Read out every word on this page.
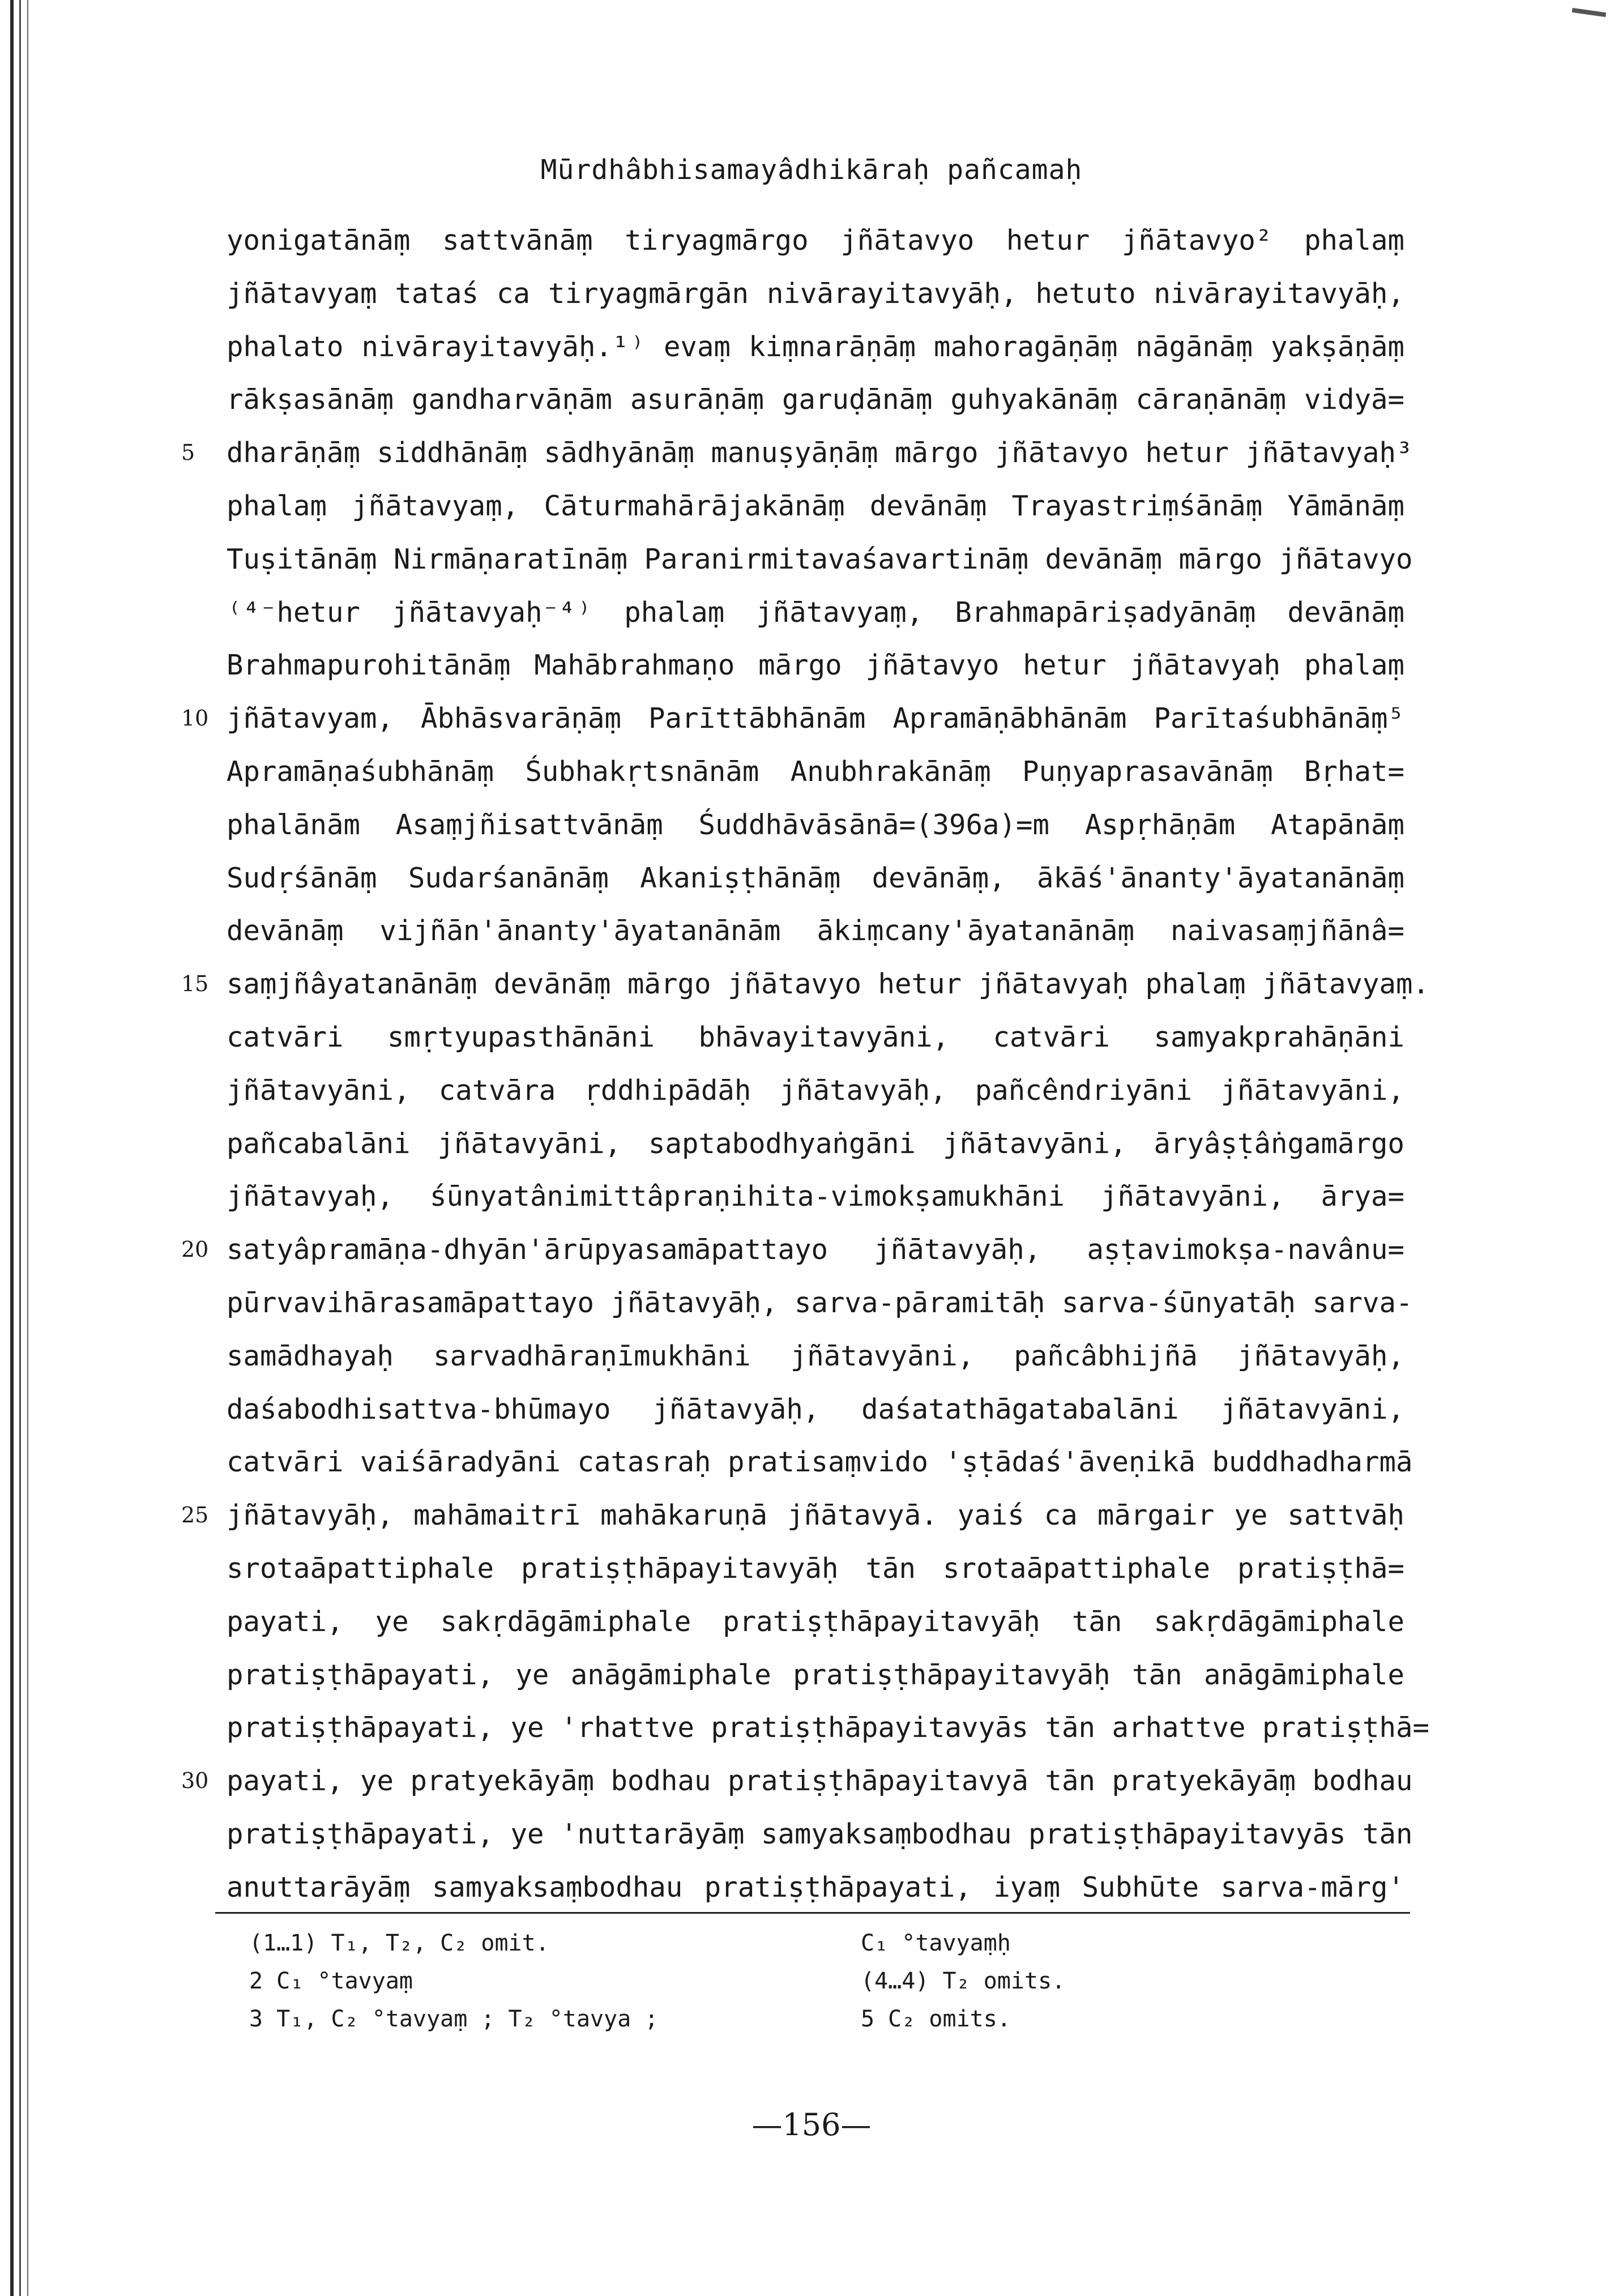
Mūrdhâbhisamayâdhikāraḥ pañcamaḥ
yonigatānāṃ sattvānāṃ tiryagmārgo jñātavyo hetur jñātavyo² phalaṃ
jñātavyaṃ tataś ca tiryagmārgān nivārayitavyāḥ, hetuto nivārayitavyāḥ,
phalato nivārayitavyāḥ.¹⁾ evaṃ kiṃnarāṇāṃ mahoragāṇāṃ nāgānāṃ yakṣāṇāṃ
rākṣasānāṃ gandharvāṇām asurāṇāṃ garuḍānāṃ guhyakānāṃ cāraṇānāṃ vidyā=
5	dharāṇāṃ siddhānāṃ sādhyānāṃ manuṣyāṇāṃ mārgo jñātavyo hetur jñātavyaḥ³
phalaṃ jñātavyaṃ, Cāturmahārājakānāṃ devānāṃ Trayastriṃśānāṃ Yāmānāṃ
Tuṣitānāṃ Nirmāṇaratīnāṃ Paranirmitavaśavartināṃ devānāṃ mārgo jñātavyo
⁽⁴⁻hetur jñātavyaḥ⁻⁴⁾ phalaṃ jñātavyaṃ, Brahmapāriṣadyānāṃ devānāṃ
Brahmapurohitānāṃ Mahābrahmaṇo mārgo jñātavyo hetur jñātavyaḥ phalaṃ
10 jñātavyam, Ābhāsvarāṇāṃ Parīttābhānām Apramāṇābhānām Parītaśubhānāṃ⁵
Apramāṇaśubhānāṃ Śubhakṛtsnānām Anubhrakānāṃ Puṇyaprasavānāṃ Bṛhat=
phalānām Asaṃjñisattvānāṃ Śuddhāvāsānā=(396a)=m Aspṛhāṇām Atapānāṃ
Sudṛśānāṃ Sudarśanānāṃ Akaniṣṭhānāṃ devānāṃ, ākāś'ānanty'āyatanānāṃ
devānāṃ vijñān'ānanty'āyatanānām ākiṃcany'āyatanānāṃ naivasaṃjñānâ=
15 saṃjñâyatanānāṃ devānāṃ mārgo jñātavyo hetur jñātavyaḥ phalaṃ jñātavyaṃ.
catvāri smṛtyupasthānāni bhāvayitavyāni, catvāri samyakprahāṇāni
jñātavyāni, catvāra ṛddhipādāḥ jñātavyāḥ, pañcêndriyāni jñātavyāni,
pañcabalāni jñātavyāni, saptabodhyaṅgāni jñātavyāni, āryâṣṭâṅgamārgo
jñātavyaḥ, śūnyatânimittâpraṇihita-vimokṣamukhāni jñātavyāni, ārya=
20 satyâpramāṇa-dhyān'ārūpyasamāpattayo jñātavyāḥ, aṣṭavimokṣa-navânu=
pūrvavihārasamāpattayo jñātavyāḥ, sarva-pāramitāḥ sarva-śūnyatāḥ sarva-
samādhayaḥ sarvadhāraṇīmukhāni jñātavyāni, pañcâbhijñā jñātavyāḥ,
daśabodhisattva-bhūmayo jñātavyāḥ, daśatathāgatabalāni jñātavyāni,
catvāri vaiśāradyāni catasraḥ pratisaṃvido 'ṣṭādaś'āveṇikā buddhadharmā
25 jñātavyāḥ, mahāmaitrī mahākaruṇā jñātavyā. yaiś ca mārgair ye sattvāḥ
srotaāpattiphale pratiṣṭhāpayitavyāḥ tān srotaāpattiphale pratiṣṭhā=
payati, ye sakṛdāgāmiphale pratiṣṭhāpayitavyāḥ tān sakṛdāgāmiphale
pratiṣṭhāpayati, ye anāgāmiphale pratiṣṭhāpayitavyāḥ tān anāgāmiphale
pratiṣṭhāpayati, ye 'rhattve pratiṣṭhāpayitavyās tān arhattve pratiṣṭhā=
30 payati, ye pratyekāyāṃ bodhau pratiṣṭhāpayitavyā tān pratyekāyāṃ bodhau
pratiṣṭhāpayati, ye 'nuttarāyāṃ samyaksaṃbodhau pratiṣṭhāpayitavyās tān
anuttarāyāṃ samyaksaṃbodhau pratiṣṭhāpayati, iyaṃ Subhūte sarva-mārg'
(1…1) T₁, T₂, C₂ omit.	C₁ °tavyaṃḥ
2 C₁ °tavyaṃ	(4…4) T₂ omits.
3 T₁, C₂ °tavyaṃ ; T₂ °tavya ;	5 C₂ omits.
—156—
